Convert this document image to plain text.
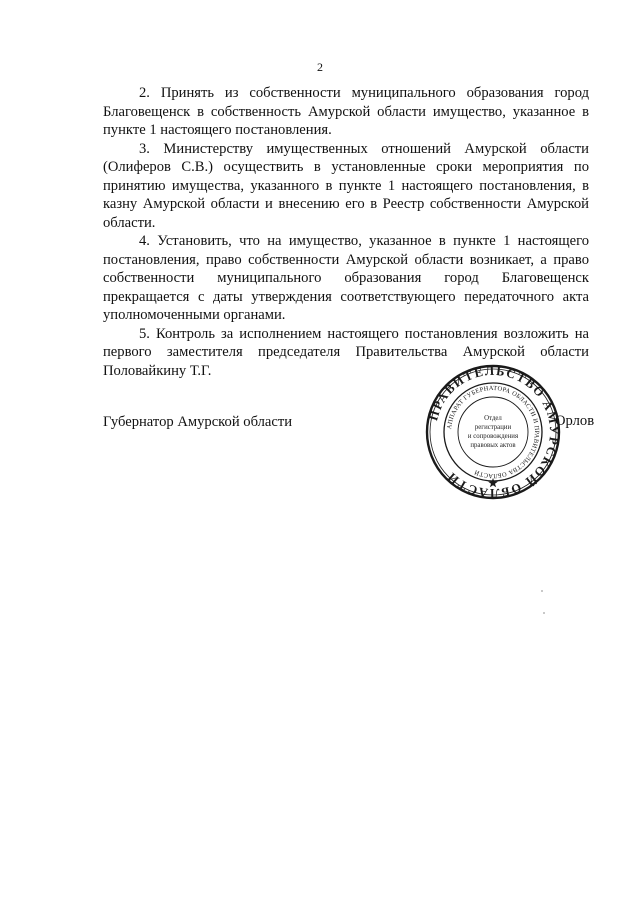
2

2. Принять из собственности муниципального образования город Благовещенск в собственность Амурской области имущество, указанное в пункте 1 настоящего постановления.

3. Министерству имущественных отношений Амурской области (Олиферов С.В.) осуществить в установленные сроки мероприятия по принятию имущества, указанного в пункте 1 настоящего постановления, в казну Амурской области и внесению его в Реестр собственности Амурской области.

4. Установить, что на имущество, указанное в пункте 1 настоящего постановления, право собственности Амурской области возникает, а право собственности муниципального образования город Благовещенск прекращается с даты утверждения соответствующего передаточного акта уполномоченными органами.

5. Контроль за исполнением настоящего постановления возложить на первого заместителя председателя Правительства Амурской области Половайкину Т.Г.

Губернатор Амурской области	ПРАВИТЕЛЬСТВО АМУРСКОЙ ОБЛАСТИ
АППАРАТ ГУБЕРНАТОРА ОБЛАСТИ И ПРАВИТЕЛЬСТВА ОБЛАСТИ
Отдел
регистрации
и сопровождения
правовых актов
Орлов
